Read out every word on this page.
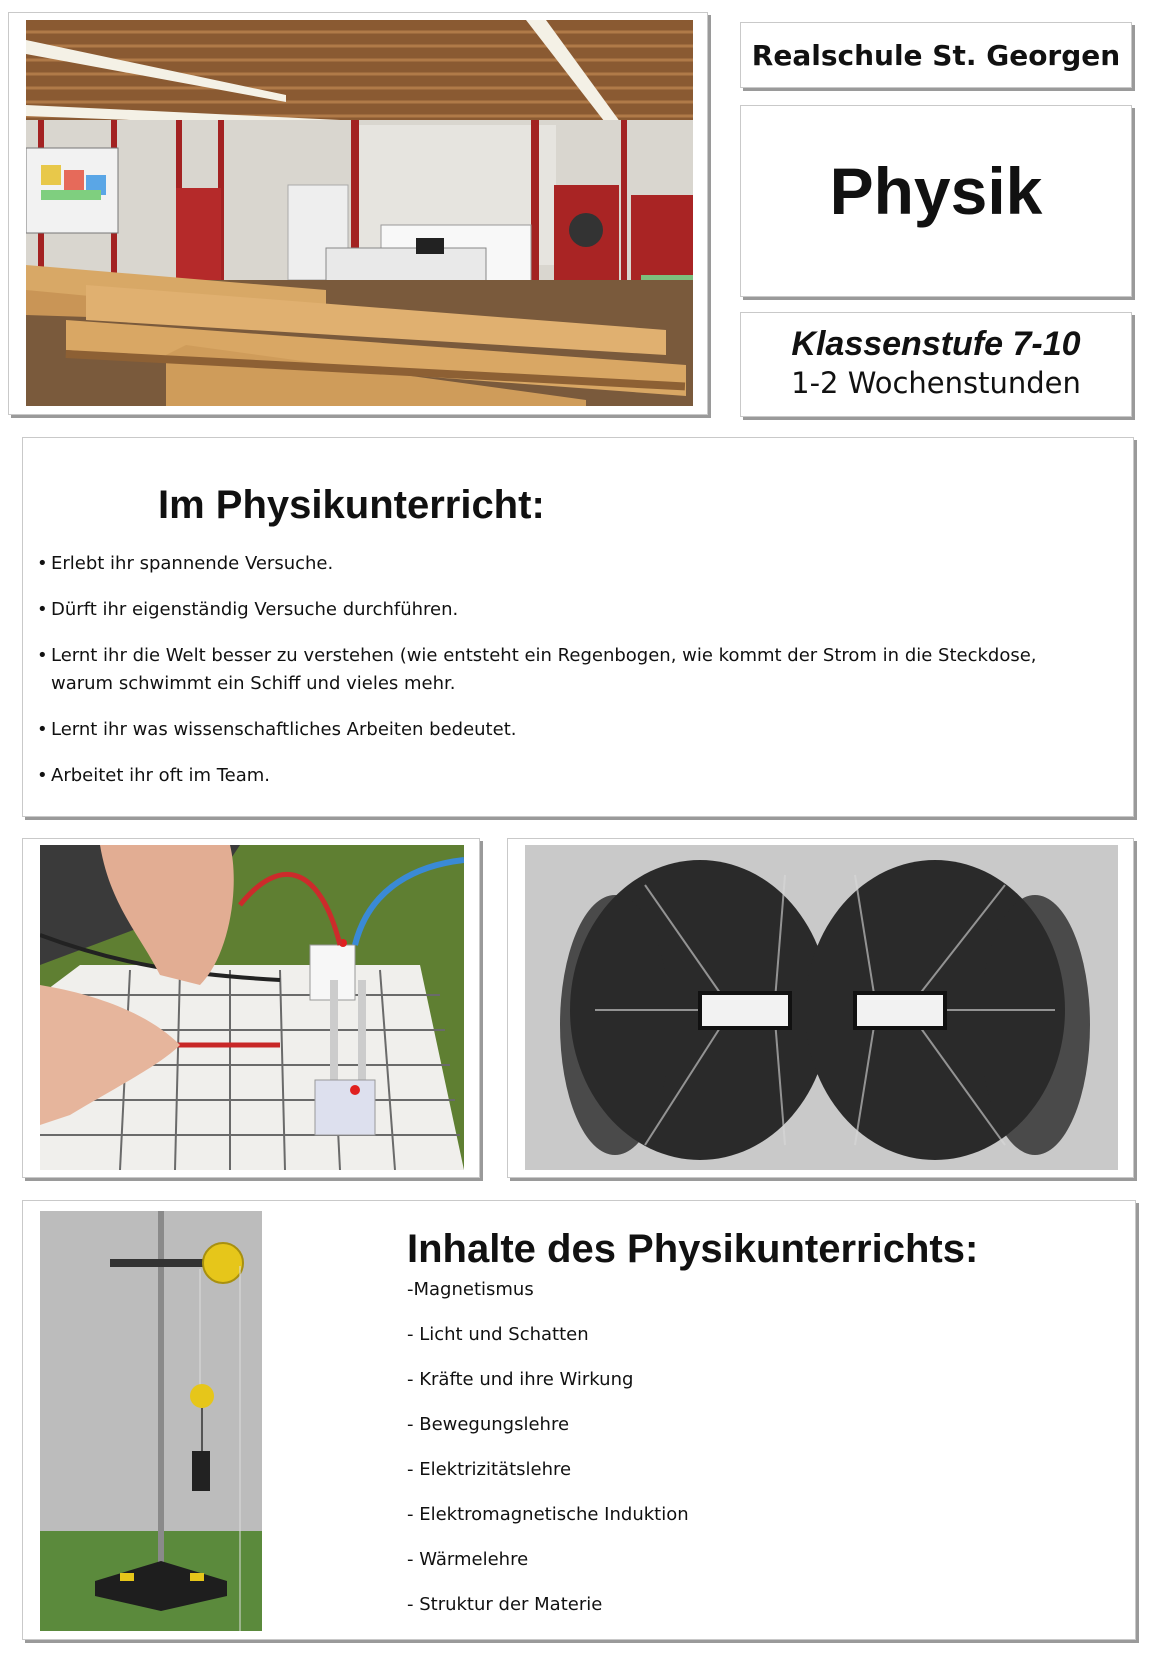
Realschule St. Georgen
Physik
Klassenstufe 7-10
1-2 Wochenstunden
Im Physikunterricht:
• Erlebt ihr spannende Versuche.
• Dürft ihr eigenständig Versuche durchführen.
• Lernt ihr die Welt besser zu verstehen (wie entsteht ein Regenbogen, wie kommt der Strom in die Steckdose, warum schwimmt ein Schiff und vieles mehr.
• Lernt ihr was wissenschaftliches Arbeiten bedeutet.
• Arbeitet ihr oft im Team.
Inhalte des Physikunterrichts:
-Magnetismus
- Licht und Schatten
- Kräfte und ihre Wirkung
- Bewegungslehre
- Elektrizitätslehre
- Elektromagnetische Induktion
- Wärmelehre
- Struktur der Materie
